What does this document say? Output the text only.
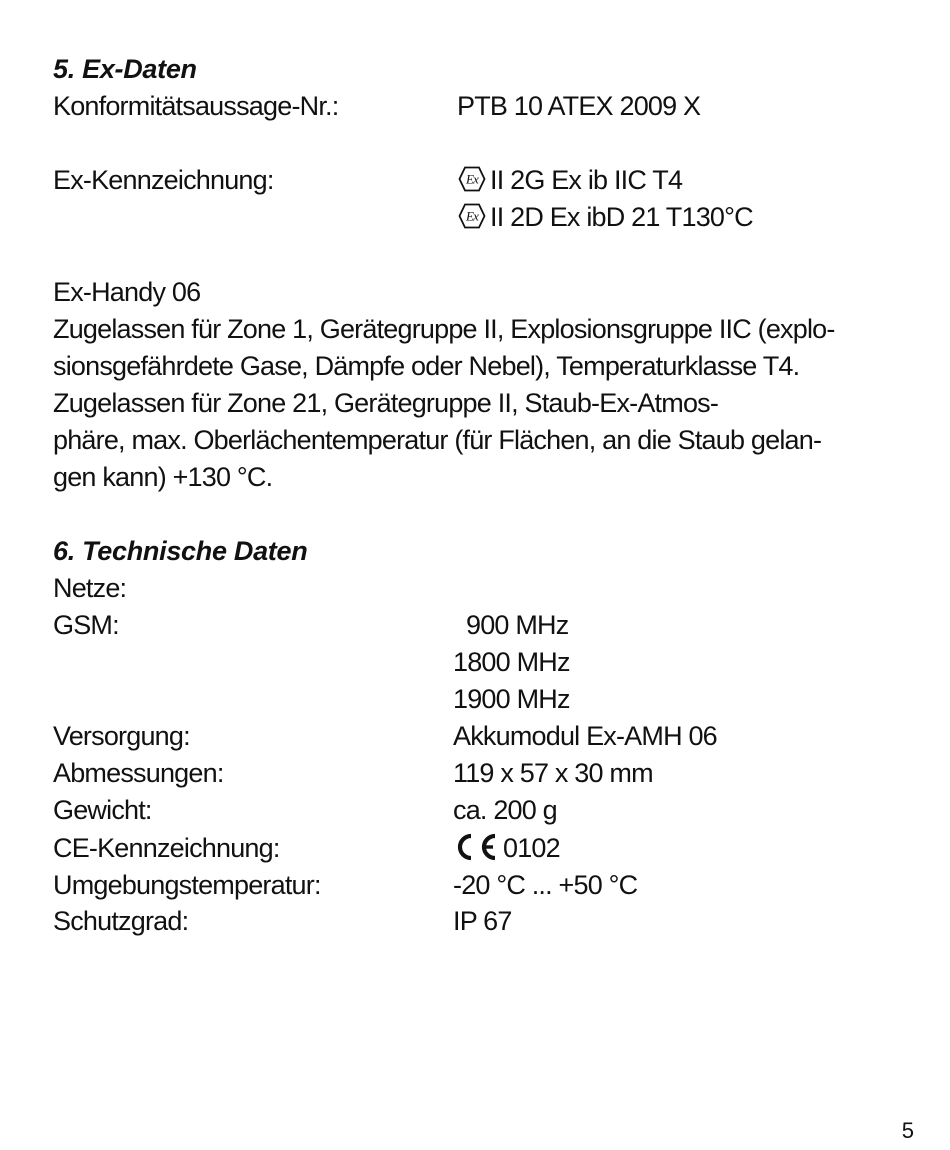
5. Ex-Daten
Konformitätsaussage-Nr.:	PTB 10 ATEX 2009 X
Ex-Kennzeichnung:	Ex II 2G Ex ib IIC T4
Ex II 2D Ex ibD 21 T130°C
Ex-Handy 06
Zugelassen für Zone 1, Gerätegruppe II, Explosionsgruppe IIC (explo-
sionsgefährdete Gase, Dämpfe oder Nebel), Temperaturklasse T4.
Zugelassen für Zone 21, Gerätegruppe II, Staub-Ex-Atmos-
phäre, max. Oberlächentemperatur (für Flächen, an die Staub gelan-
gen kann) +130 °C.
6. Technische Daten
Netze:
GSM:	900 MHz
1800 MHz
1900 MHz
Versorgung:	Akkumodul Ex-AMH 06
Abmessungen:	119 x 57 x 30 mm
Gewicht:	ca. 200 g
CE-Kennzeichnung:	0102
Umgebungstemperatur:	-20 °C ... +50 °C
Schutzgrad:	IP 67
5
